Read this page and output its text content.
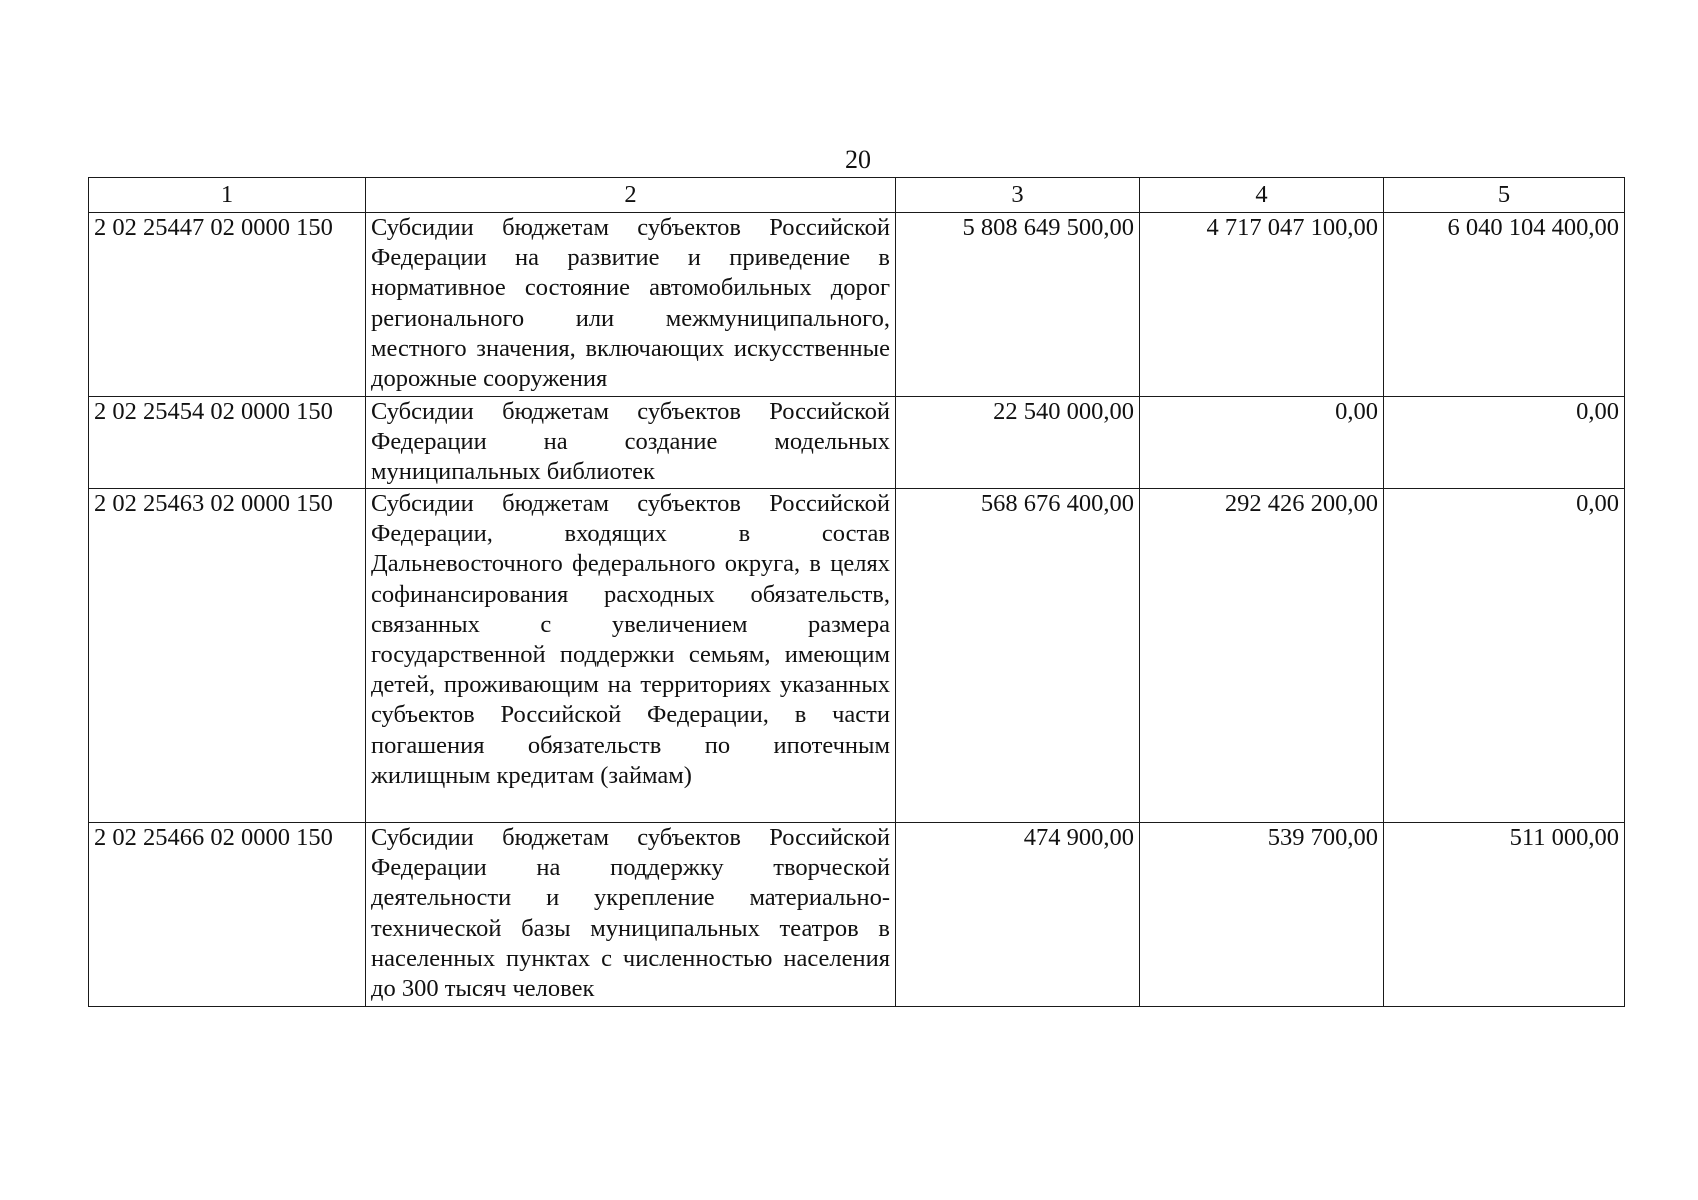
20
1	2	3	4	5
2 02 25447 02 0000 150	Субсидии бюджетам субъектов Российской Федерации на развитие и приведение в нормативное состояние автомобильных дорог регионального или межмуниципального, местного значения, включающих искусственные дорожные сооружения	5 808 649 500,00	4 717 047 100,00	6 040 104 400,00
2 02 25454 02 0000 150	Субсидии бюджетам субъектов Российской Федерации на создание модельных муниципальных библиотек	22 540 000,00	0,00	0,00
2 02 25463 02 0000 150	Субсидии бюджетам субъектов Российской Федерации, входящих в состав Дальневосточного федерального округа, в целях софинансирования расходных обязательств, связанных с увеличением размера государственной поддержки семьям, имеющим детей, проживающим на территориях указанных субъектов Российской Федерации, в части погашения обязательств по ипотечным жилищным кредитам (займам)	568 676 400,00	292 426 200,00	0,00
2 02 25466 02 0000 150	Субсидии бюджетам субъектов Российской Федерации на поддержку творческой деятельности и укрепление материально-технической базы муниципальных театров в населенных пунктах с численностью населения до 300 тысяч человек	474 900,00	539 700,00	511 000,00
